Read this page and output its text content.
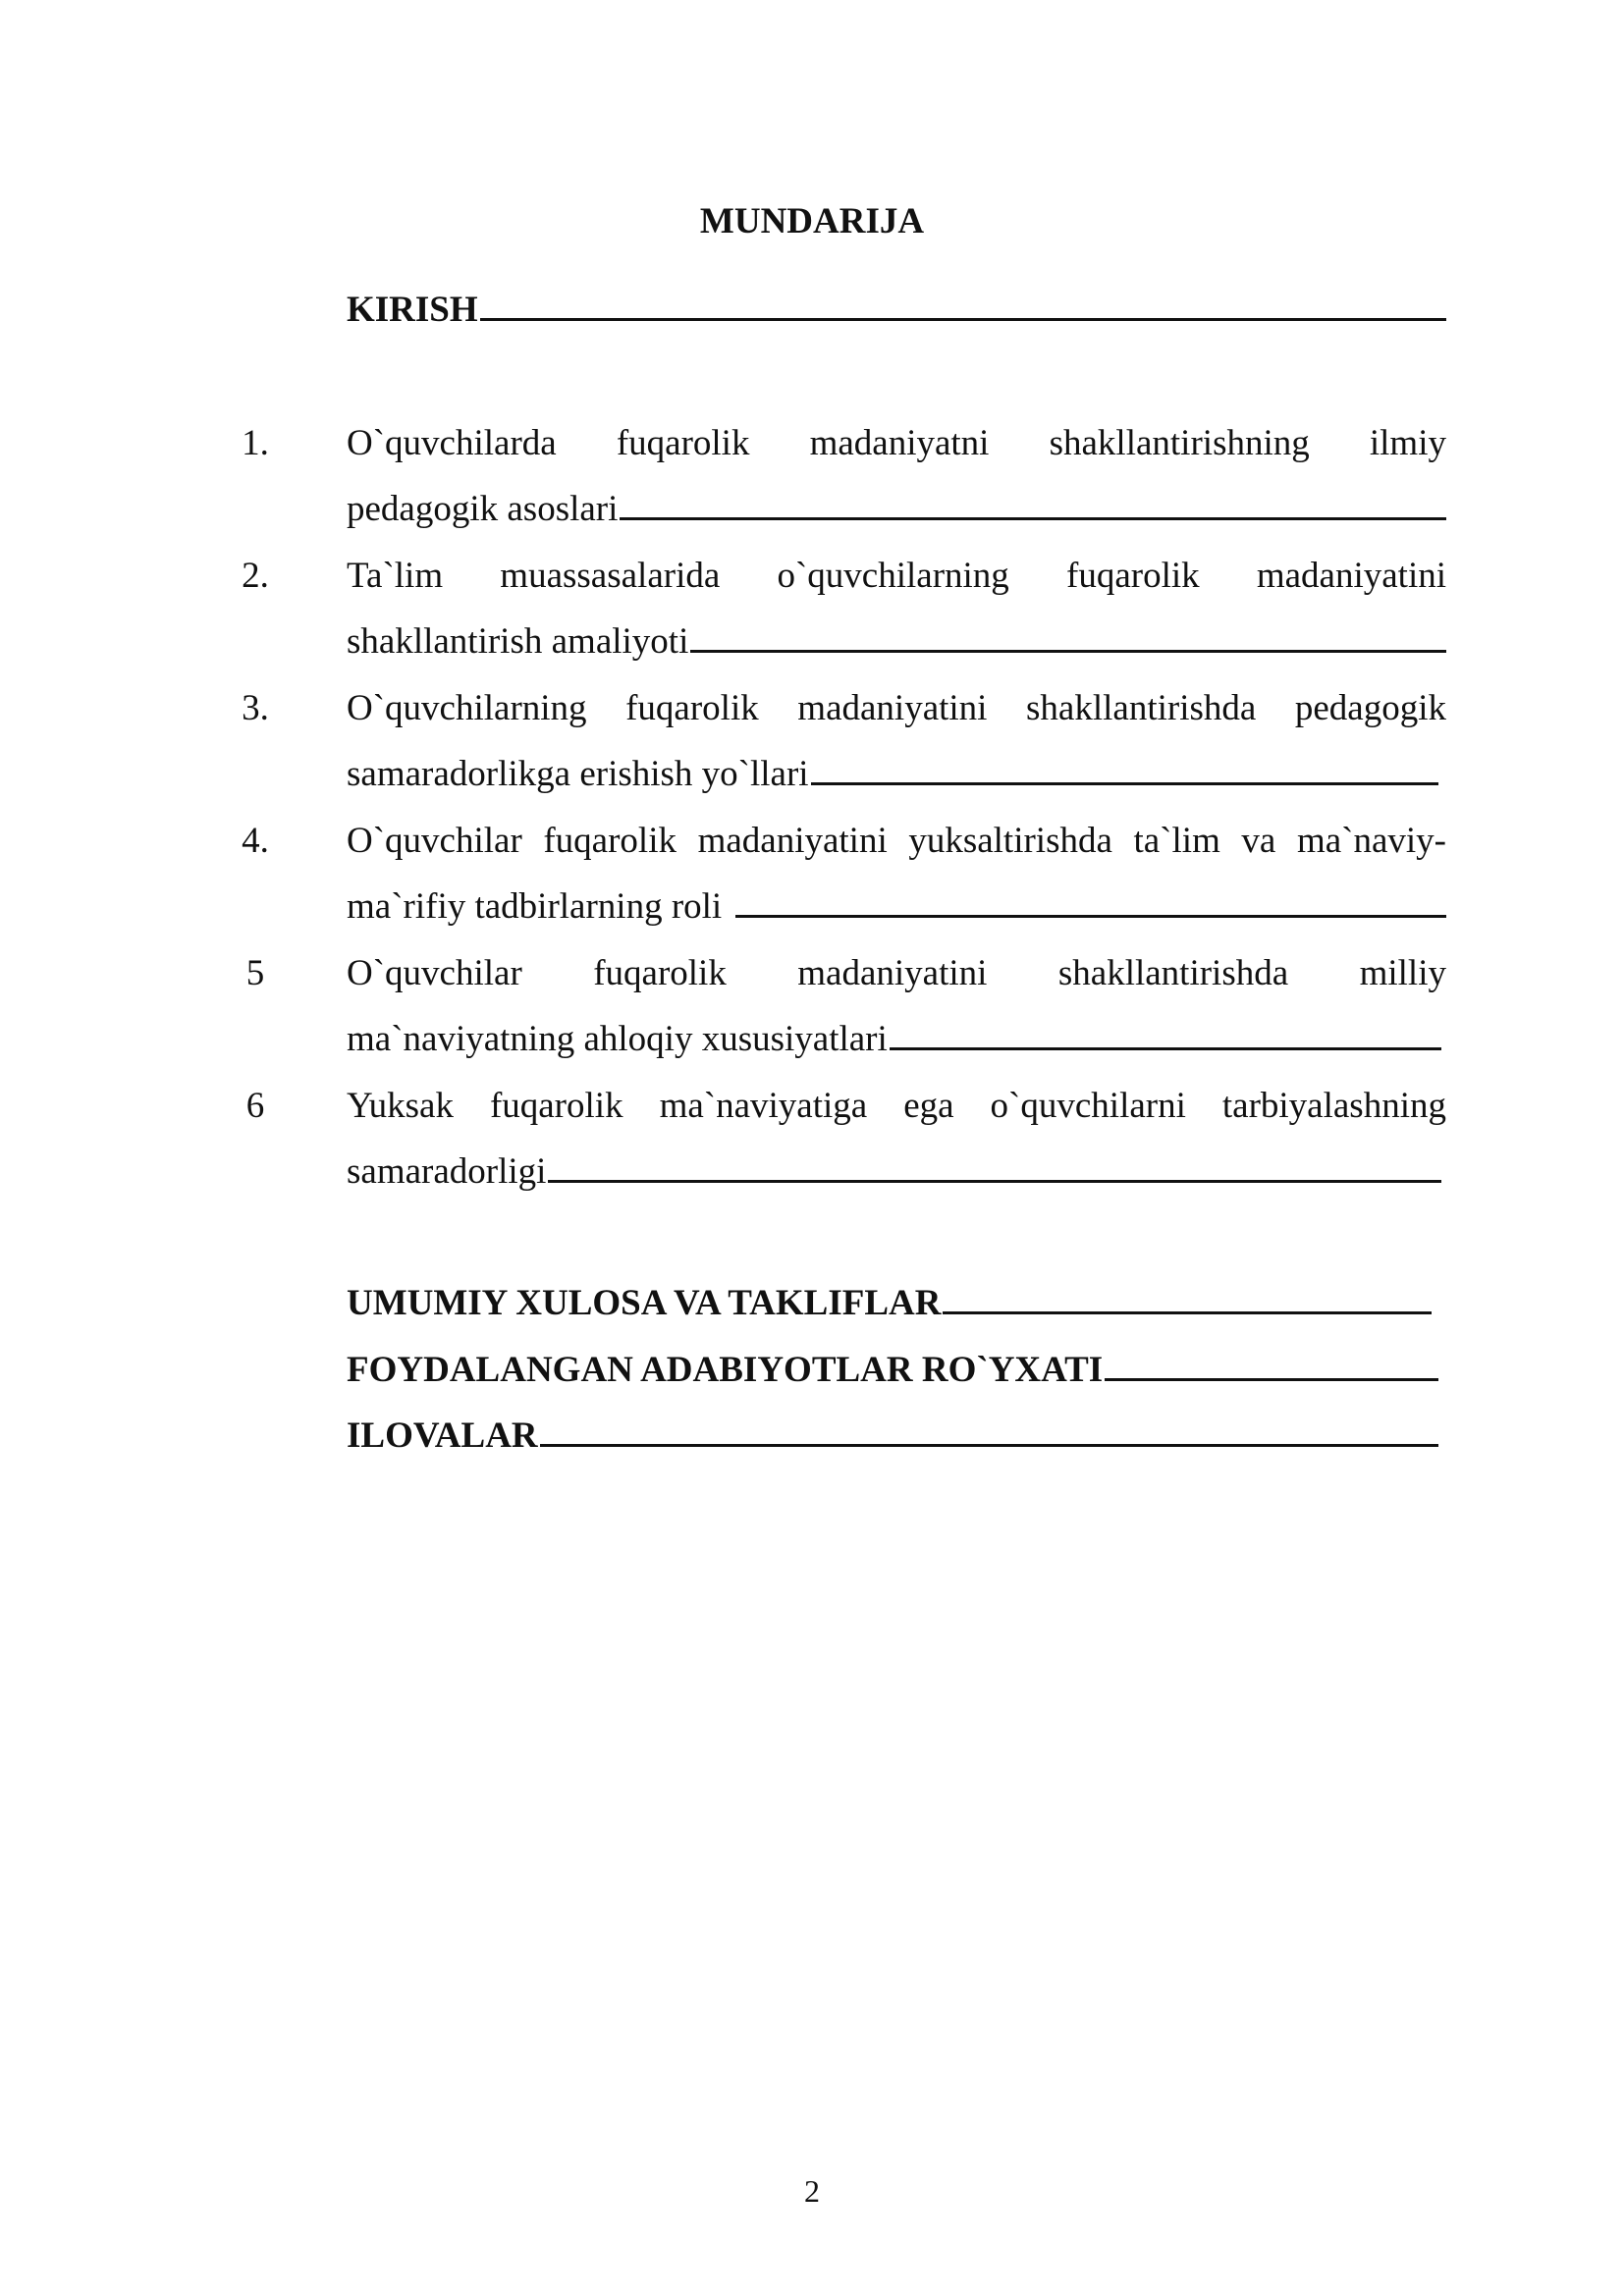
MUNDARIJA
KIRISH
1. O`quvchilarda fuqarolik madaniyatni shakllantirishning ilmiy
pedagogik asoslari
2. Ta`lim muassasalarida o`quvchilarning fuqarolik madaniyatini
shakllantirish amaliyoti
3. O`quvchilarning fuqarolik madaniyatini shakllantirishda pedagogik
samaradorlikga erishish yo`llari
4. O`quvchilar fuqarolik madaniyatini yuksaltirishda ta`lim va ma`naviy-
ma`rifiy tadbirlarning roli
5 O`quvchilar fuqarolik madaniyatini shakllantirishda milliy
ma`naviyatning ahloqiy xususiyatlari
6 Yuksak fuqarolik ma`naviyatiga ega o`quvchilarni tarbiyalashning
samaradorligi
UMUMIY XULOSA VA TAKLIFLAR
FOYDALANGAN ADABIYOTLAR RO`YXATI
ILOVALAR
2
